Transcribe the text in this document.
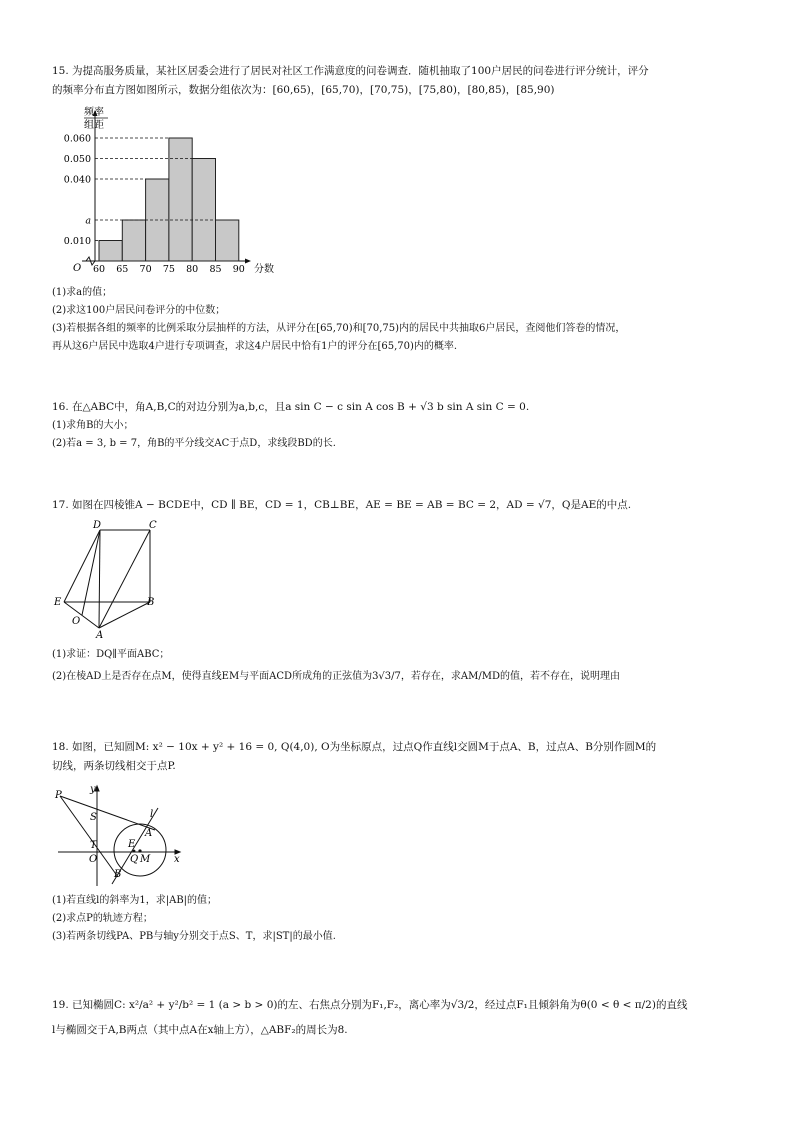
15. 为提高服务质量，某社区居委会进行了居民对社区工作满意度的问卷调查．随机抽取了100户居民的问卷进行评分统计，评分

的频率分布直方图如图所示，数据分组依次为：[60,65)，[65,70)，[70,75)，[75,80)，[80,85)，[85,90)

0.060
0.050
0.040
a
0.010
60 65 70 75 80 85 90
频率
组距
分数
O

(1)求a的值；

(2)求这100户居民问卷评分的中位数；

(3)若根据各组的频率的比例采取分层抽样的方法，从评分在[65,70)和[70,75)内的居民中共抽取6户居民，查阅他们答卷的情况，

再从这6户居民中选取4户进行专项调查，求这4户居民中恰有1户的评分在[65,70)内的概率.

16. 在△ABC中，角A,B,C的对边分别为a,b,c，且a sin C − c sin A cos B + √3 b sin A sin C = 0.

(1)求角B的大小；

(2)若a = 3, b = 7，角B的平分线交AC于点D，求线段BD的长.

17. 如图在四棱锥A − BCDE中，CD ∥ BE，CD = 1，CB⊥BE，AE = BE = AB = BC = 2，AD = √7，Q是AE的中点.

D	C
E	B
O
A

(1)求证：DQ∥平面ABC；

(2)在棱AD上是否存在点M，使得直线EM与平面ACD所成角的正弦值为3√3/7，若存在，求AM/MD的值，若不存在，说明理由

18. 如图，已知圆M: x² − 10x + y² + 16 = 0, Q(4,0), O为坐标原点，过点Q作直线l交圆M于点A、B，过点A、B分别作圆M的

切线，两条切线相交于点P.

P
y
l
S
A
E
T
O	Q M
B
x

(1)若直线l的斜率为1，求|AB|的值；

(2)求点P的轨迹方程；

(3)若两条切线PA、PB与轴y分别交于点S、T，求|ST|的最小值.

19. 已知椭圆C: x²/a² + y²/b² = 1 (a > b > 0)的左、右焦点分别为F₁,F₂，离心率为√3/2，经过点F₁且倾斜角为θ(0 < θ < π/2)的直线

l与椭圆交于A,B两点（其中点A在x轴上方），△ABF₂的周长为8.
